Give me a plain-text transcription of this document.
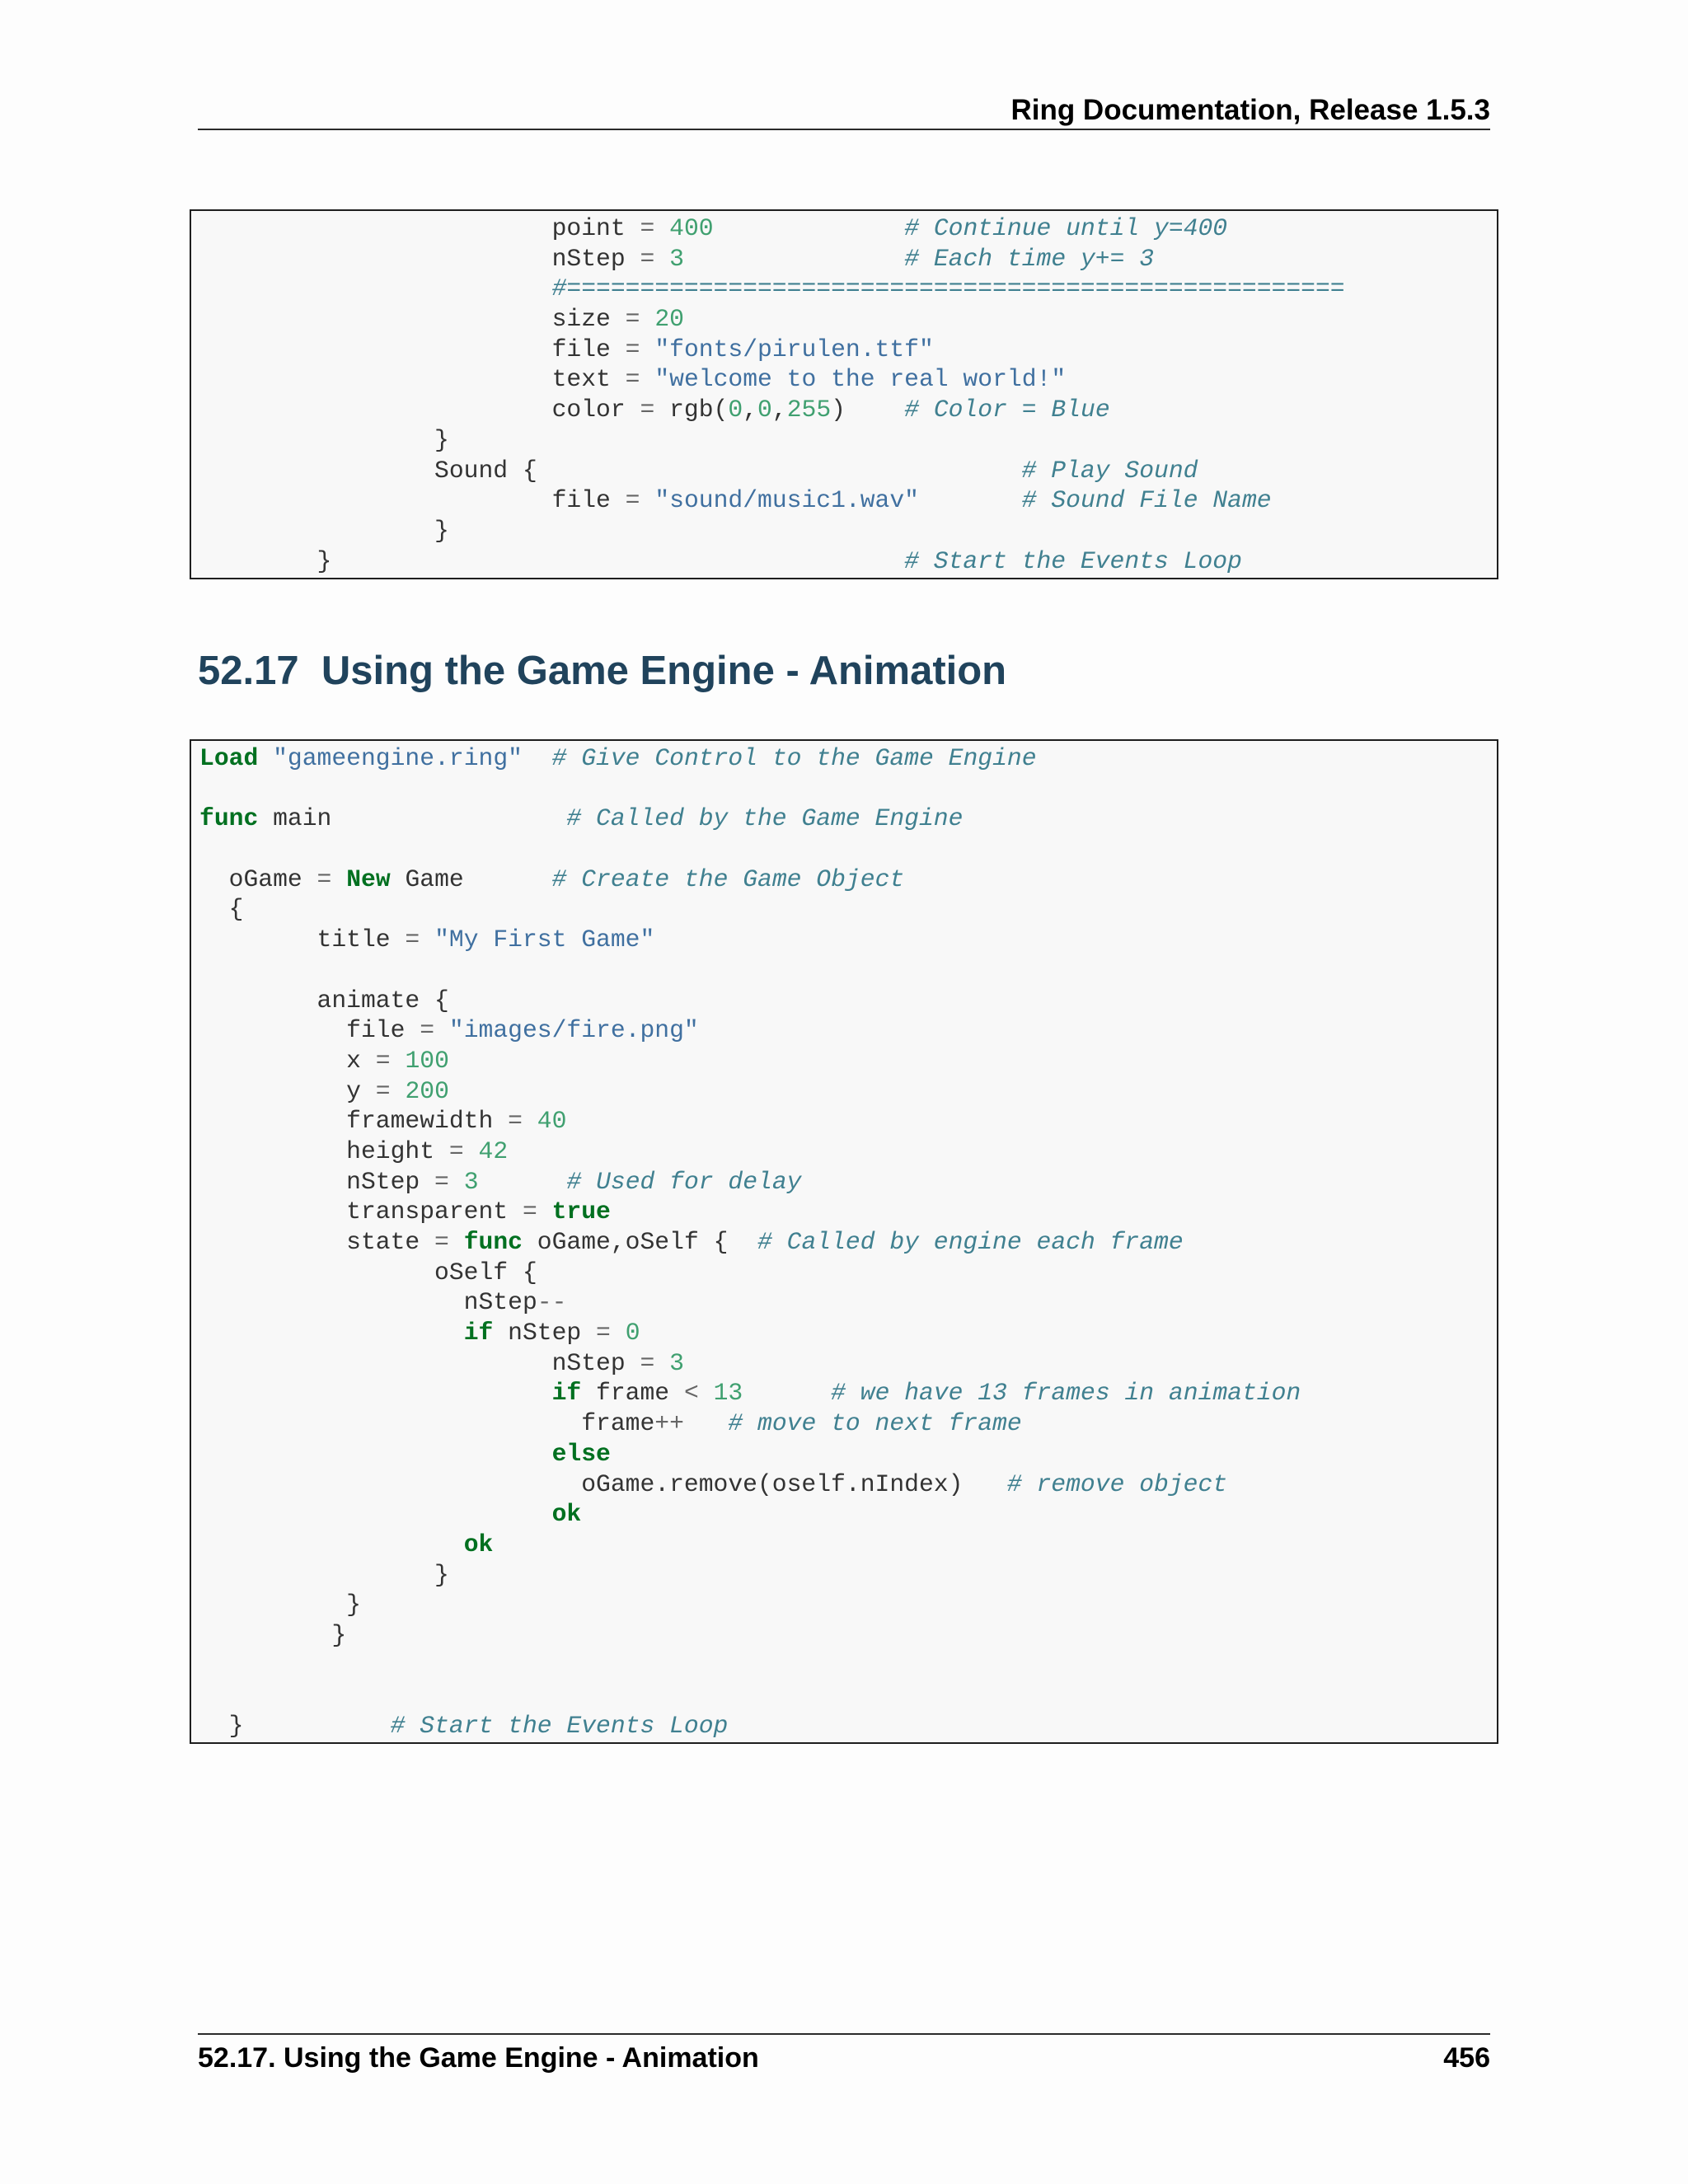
Ring Documentation, Release 1.5.3
point = 400	# Continue until y=400
nStep = 3	# Each time y+= 3
#=====================================================
size = 20
file = "fonts/pirulen.ttf"
text = "welcome to the real world!"
color = rgb(0,0,255)    # Color = Blue
}
Sound {                                 # Play Sound
file = "sound/music1.wav"	# Sound File Name
}
}                                       # Start the Events Loop
52.17 Using the Game Engine - Animation
Load "gameengine.ring" # Give Control to the Game Engine

func main                # Called by the Game Engine

oGame = New Game      # Create the Game Object
{
title = "My First Game"

animate {
file = "images/fire.png"
x = 100
y = 200
framewidth = 40
height = 42
nStep = 3	# Used for delay
transparent = true
state = func oGame,oSelf {  # Called by engine each frame
oSelf {
nStep--
if nStep = 0
nStep = 3
if frame < 13	# we have 13 frames in animation
frame++ # move to next frame
else
oGame.remove(oself.nIndex)   # remove object
ok
ok
}
}
}

}          # Start the Events Loop
52.17. Using the Game Engine - Animation	456
